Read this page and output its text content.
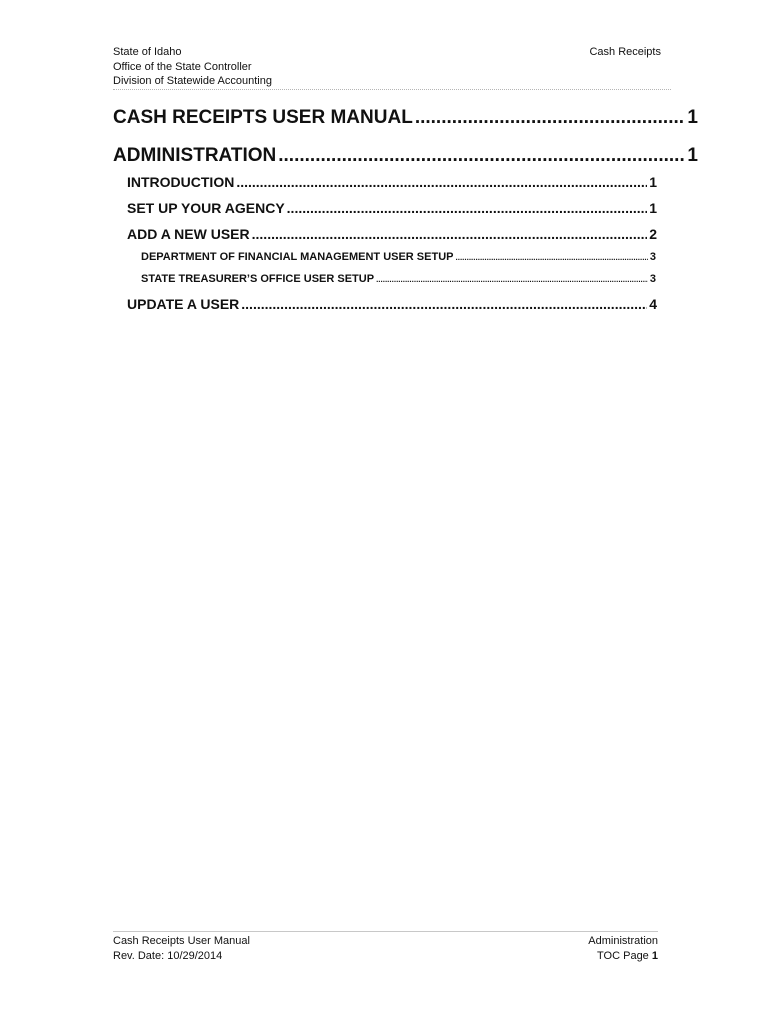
State of Idaho
Office of the State Controller
Division of Statewide Accounting
Cash Receipts
CASH RECEIPTS USER MANUAL .....	1
ADMINISTRATION .....	1
INTRODUCTION .....	1
SET UP YOUR AGENCY .....	1
ADD A NEW USER .....	2
DEPARTMENT OF FINANCIAL MANAGEMENT USER SETUP .....	3
STATE TREASURER’S OFFICE USER SETUP .....	3
UPDATE A USER .....	4
Cash Receipts User Manual
Rev. Date: 10/29/2014
Administration
TOC Page 1
